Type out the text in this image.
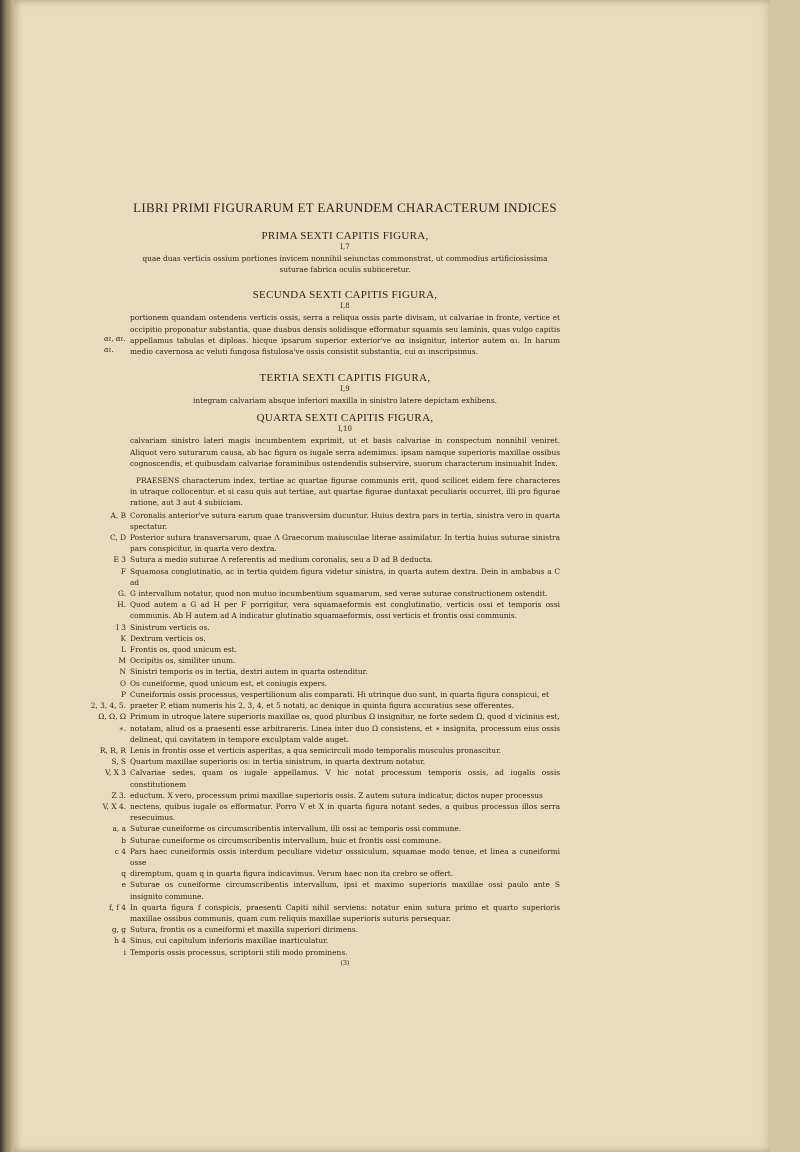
LIBRI PRIMI FIGURARUM ET EARUNDEM CHARACTERUM INDICES
PRIMA SEXTI CAPITIS FIGURA,
I,7

quae duas verticis ossium portiones invicem nonnihil seiunctas commonstrat, ut commodius artificiosissima suturae fabrica oculis subiiceretur.

SECUNDA SEXTI CAPITIS FIGURA,
I,8
αι, αι.
αι.
portionem quandam ostendens verticis ossis, serra a reliqua ossis parte divisam, ut calvariae in fronte, vertice et occipitio proponatur substantia, quae duabus densis solidisque efformatur squamis seu laminis, quas vulgo capitis appellamus tabulas et diploas. hicque ipsarum superior exterior've αα insignitur, interior autem αι. In harum medio cavernosa ac veluti fungosa fistulosa've ossis consistit substantia, cui αι inscripsimus.
TERTIA SEXTI CAPITIS FIGURA,
I,9

integram calvariam absque inferiori maxilla in sinistro latere depictam exhibens.

QUARTA SEXTI CAPITIS FIGURA,
I,10

calvariam sinistro lateri magis incumbentem exprimit, ut et basis calvariae in conspectum nonnihil veniret. Aliquot vero suturarum causa, ab hac figura os iugale serra ademimus. ipsam namque superioris maxillae ossibus cognoscendis, et quibusdam calvariae foraminibus ostendendis subservire, suorum characterum insinuabit Index.

PRAESENS characterum index, tertiae ac quartae figurae communis erit, quod scilicet eidem fere characteres in utraque collocentur. et si casu quis aut tertiae, aut quartae figurae duntaxat peculiaris occurret, illi pro figurae ratione, aut 3 aut 4 subiiciam.

A, B Coronalis anterior've sutura earum quae transversim ducuntur. Huius dextra pars in tertia, sinistra vero in quarta spectatur.
C, D Posterior sutura transversarum, quae Λ Graecorum maiusculae literae assimilatur. In tertia huius suturae sinistra pars conspicitur, in quarta vero dextra.
E 3 Sutura a medio suturae Λ referentis ad medium coronalis, seu a D ad B deducta.
F Squamosa conglutinatio, ac in tertia quidem figura videtur sinistra, in quarta autem dextra. Dein in ambabus a C ad
G. G intervallum notatur, quod non mutuo incumbentium squamarum, sed verae suturae constructionem ostendit.
H. Quod autem a G ad H per F porrigitur, vera squamaeformis est conglutinatio, verticis ossi et temporis ossi communis. Ab H autem ad A indicatur glutinatio squamaeformis, ossi verticis et frontis ossi communis.
I 3 Sinistrum verticis os.
K Dextrum verticis os.
L Frontis os, quod unicum est.
M Occipitis os, similiter unum.
N Sinistri temporis os in tertia, dextri autem in quarta ostenditur.
O Os cuneiforme, quod unicum est, et coniugis expers.
P Cuneiformis ossis processus, vespertilionum alis comparati. Hi utrinque duo sunt, in quarta figura conspicui, et
2, 3, 4, 5. praeter P, etiam numeris his 2, 3, 4, et 5 notati, ac denique in quinta figura accuratius sese offerentes.
Ω, Ω, Ω Primum in utroque latere superioris maxillae os, quod pluribus Ω insignitur, ne forte sedem Ω, quod d vicinius est,
∗. notatam, aliud os a praesenti esse arbitrareris. Linea inter duo Ω consistens, et ∗ insignita, processum eius ossis delineat, qui cavitatem in tempore exculptam valde auget.
R, R, R Lenis in frontis osse et verticis asperitas, a qua semicirculi modo temporalis musculus pronascitur.
S, S Quartum maxillae superioris os: in tertia sinistrum, in quarta dextrum notatur.
V, X 3 Calvariae sedes, quam os iugale appellamus. V hic notat processum temporis ossis, ad iugalis ossis constitutionem
Z 3. eductum. X vero, processum primi maxillae superioris ossis. Z autem sutura indicatur, dictos nuper processus
V, X 4. nectens, quibus iugale os efformatur. Porro V et X in quarta figura notant sedes, a quibus processus illos serra resecuimus.
a, a Suturae cuneiforme os circumscribentis intervallum, illi ossi ac temporis ossi commune.
b Suturae cuneiforme os circumscribentis intervallum, huic et frontis ossi commune.
c 4 Pars haec cuneiformis ossis interdum peculiare videtur osssiculum, squamae modo tenue, et linea a cuneiformi osse
q diremptum, quam q in quarta figura indicavimus. Verum haec non ita crebro se offert.
e Suturae os cuneiforme circumscribentis intervallum, ipsi et maximo superioris maxillae ossi paulo ante S insignito commune.
f, f 4 In quarta figura f conspicis, praesenti Capiti nihil serviens: notatur enim sutura primo et quarto superioris maxillae ossibus communis, quam cum reliquis maxillae superioris suturis persequar.
g, g Sutura, frontis os a cuneiformi et maxilla superiori dirimens.
h 4 Sinus, cui capitulum inferioris maxillae inarticulatur.
i Temporis ossis processus, scriptorii stili modo prominens.
(3)
